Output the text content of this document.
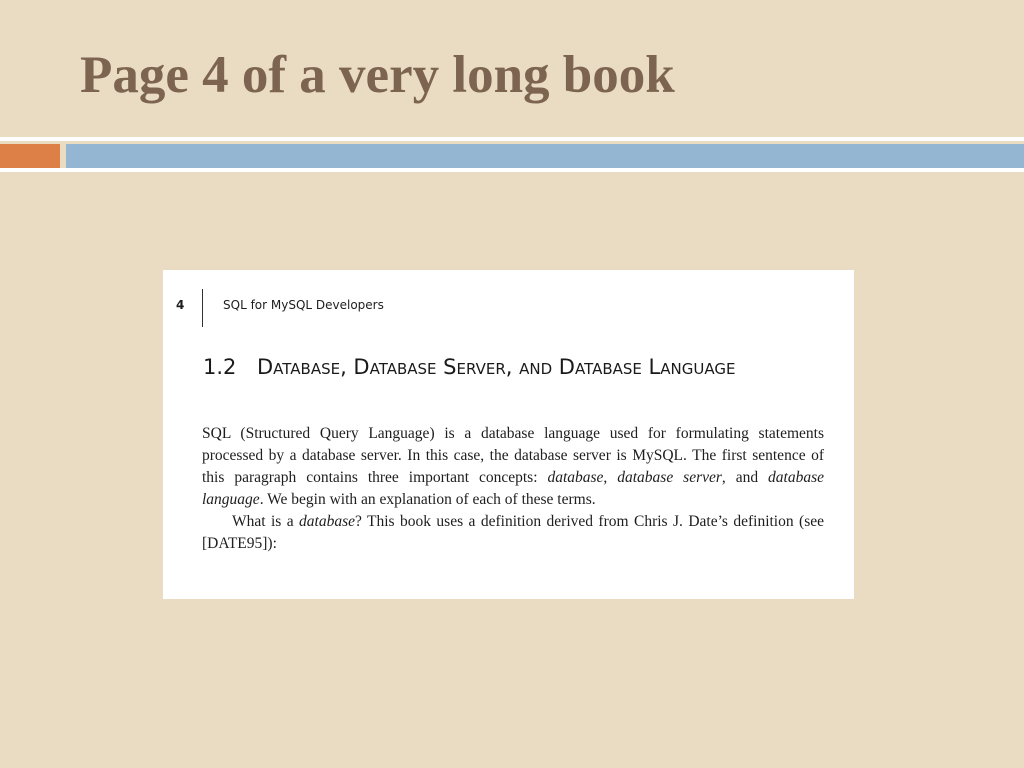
Page 4 of a very long book
4	SQL for MySQL Developers
1.2 Database, Database Server, and Database Language

SQL (Structured Query Language) is a database language used for formulating statements processed by a database server. In this case, the database server is MySQL. The first sentence of this paragraph contains three important concepts: database, database server, and database language. We begin with an explanation of each of these terms.

What is a database? This book uses a definition derived from Chris J. Date’s definition (see [DATE95]):
